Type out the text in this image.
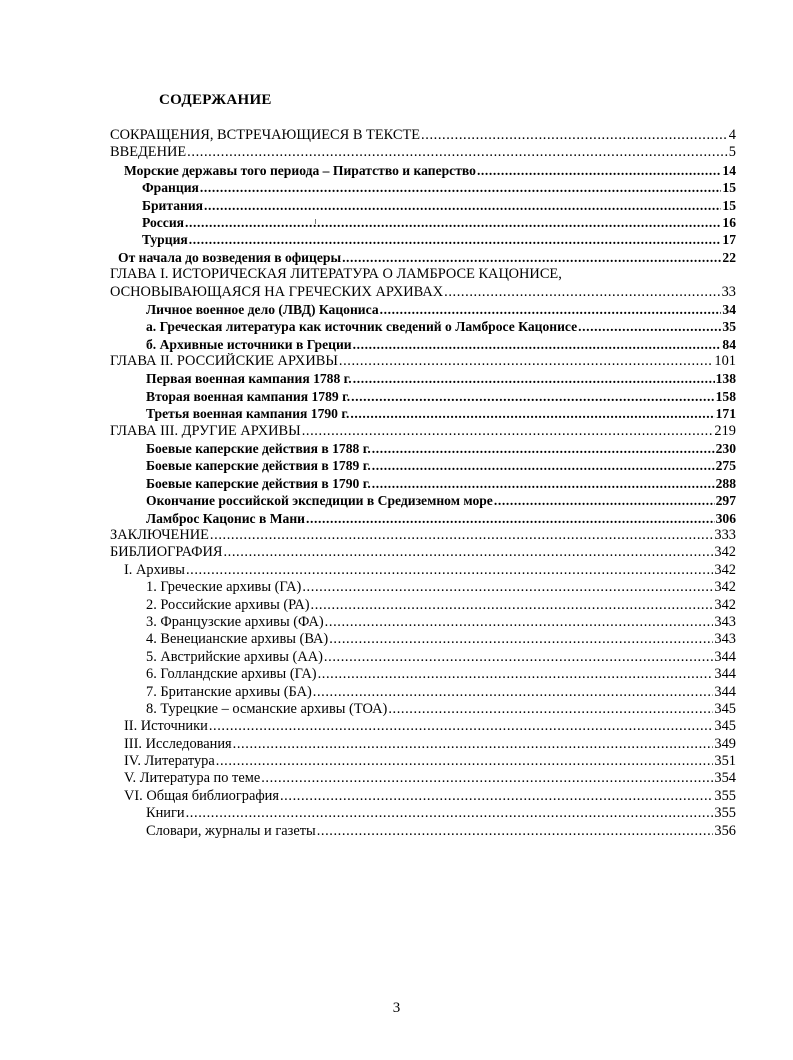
СОДЕРЖАНИЕ
СОКРАЩЕНИЯ, ВСТРЕЧАЮЩИЕСЯ В ТЕКСТЕ .....	4
ВВЕДЕНИЕ .....	5
Морские державы того периода – Пиратство и каперство .....	14
Франция .....	15
Британия .....	15
Россия .....	16
Турция .....	17
От начала до возведения в офицеры .....	22
ГЛАВА I. ИСТОРИЧЕСКАЯ ЛИТЕРАТУРА О ЛАМБРОСЕ КАЦОНИСЕ,
ОСНОВЫВАЮЩАЯСЯ НА ГРЕЧЕСКИХ АРХИВАХ .....	33
Личное военное дело (ЛВД) Кацониса .....	34
а. Греческая литература как источник сведений о Ламбросе Кацонисе .....	35
б. Архивные источники в Греции .....	84
ГЛАВА II. РОССИЙСКИЕ АРХИВЫ .....	101
Первая военная кампания 1788 г. .....	138
Вторая военная кампания 1789 г. .....	158
Третья военная кампания 1790 г. .....	171
ГЛАВА III. ДРУГИЕ АРХИВЫ .....	219
Боевые каперские действия в 1788 г. .....	230
Боевые каперские действия в 1789 г. .....	275
Боевые каперские действия в 1790 г. .....	288
Окончание российской экспедиции в Средиземном море .....	297
Ламброс Кацонис в Мани .....	306
ЗАКЛЮЧЕНИЕ .....	333
БИБЛИОГРАФИЯ .....	342
I. Архивы .....	342
1. Греческие архивы (ГА) .....	342
2. Российские архивы (РА) .....	342
3. Французские архивы (ФА) .....	343
4. Венецианские архивы (ВА) .....	343
5. Австрийские архивы (АА) .....	344
6. Голландские архивы (ГА) .....	344
7. Британские архивы (БА) .....	344
8. Турецкие – османские архивы (ТОА) .....	345
II. Источники .....	345
III. Исследования .....	349
IV. Литература .....	351
V. Литература по теме .....	354
VI. Общая библиография .....	355
Книги .....	355
Словари, журналы и газеты .....	356
3
